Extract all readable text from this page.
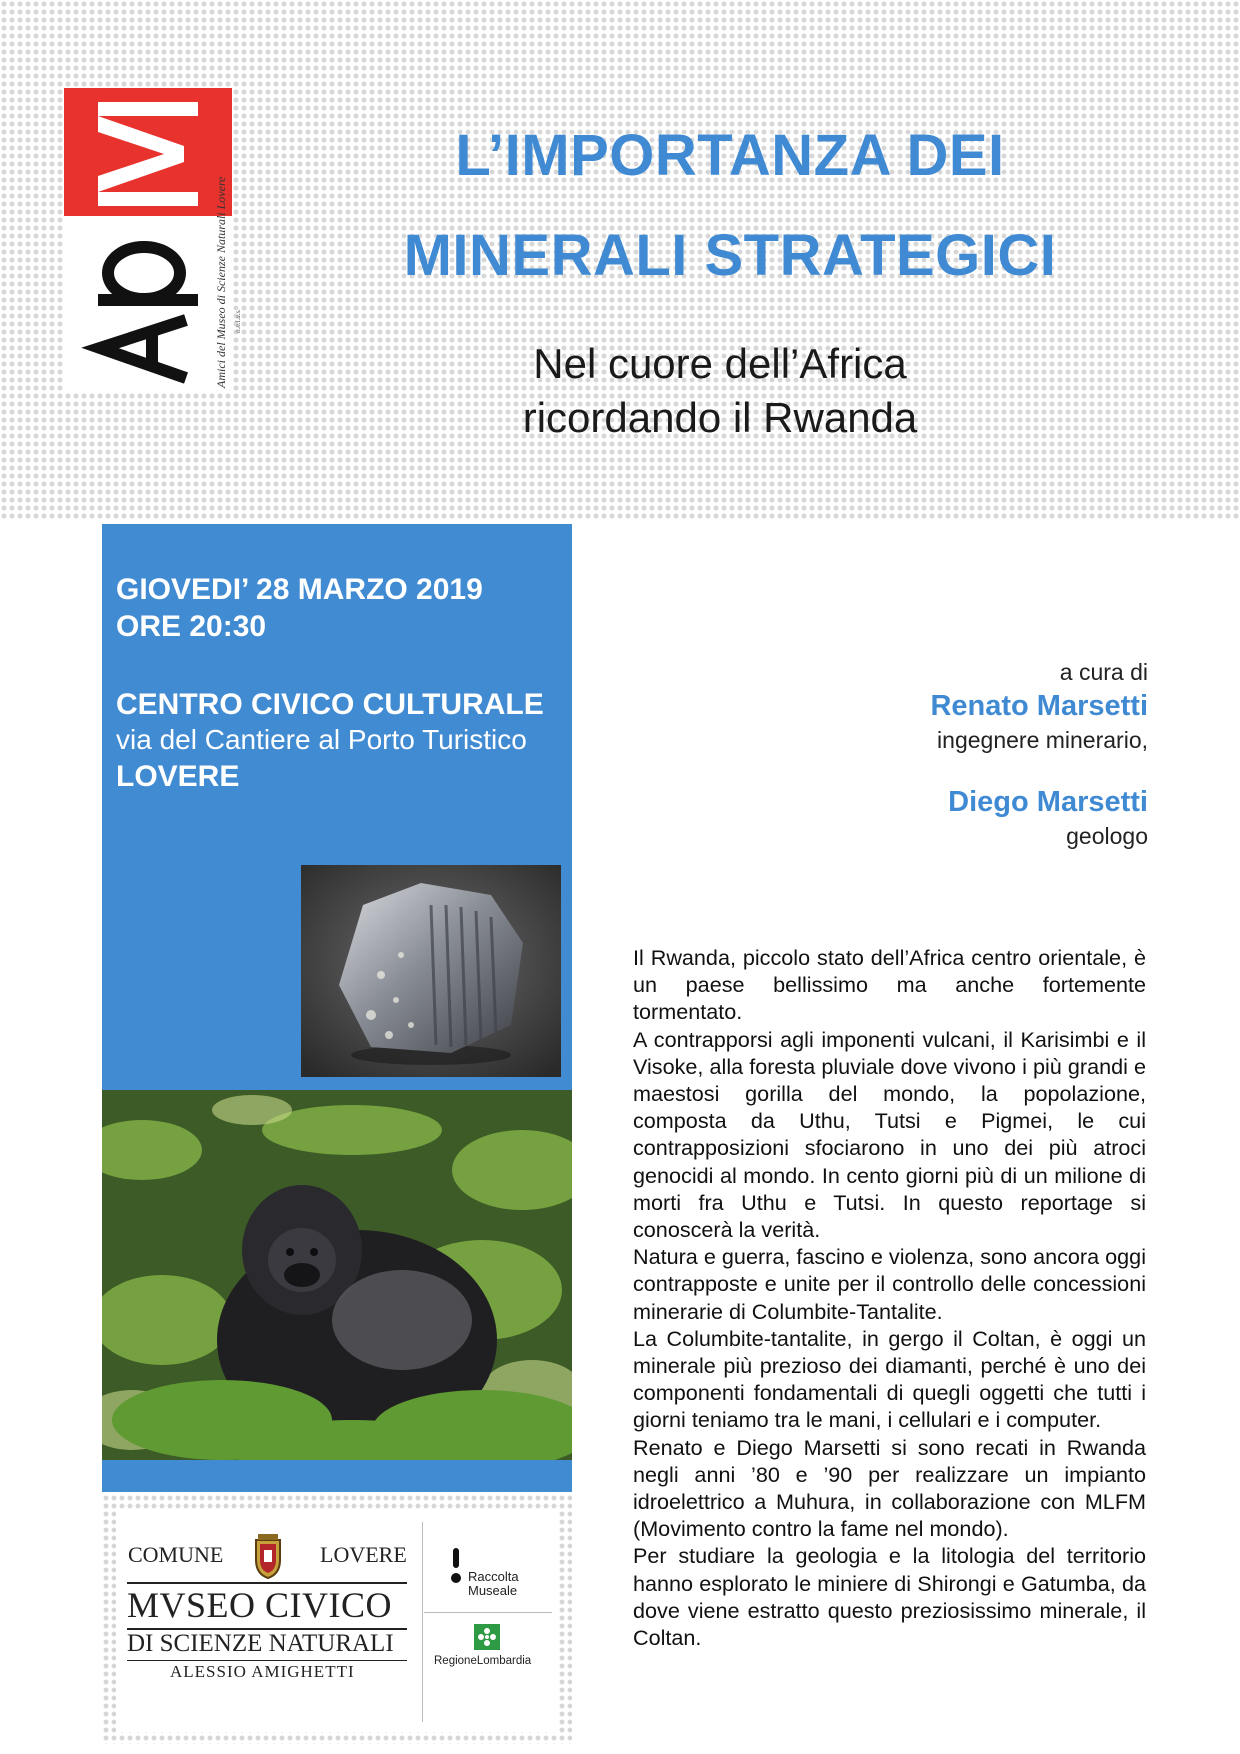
Amici del Museo di Scienze Naturali Lovere o.n.l.u.s.
L’IMPORTANZA DEI
MINERALI STRATEGICI
Nel cuore dell’Africa
ricordando il Rwanda
GIOVEDI’ 28 MARZO 2019
ORE 20:30
CENTRO CIVICO CULTURALE
via del Cantiere al Porto Turistico
LOVERE
a cura di
Renato Marsetti
ingegnere minerario,
Diego Marsetti
geologo

Il Rwanda, piccolo stato dell’Africa centro orientale, è un paese bellissimo ma anche fortemente tormentato.

A contrapporsi agli imponenti vulcani, il Karisimbi e il Visoke, alla foresta pluviale dove vivono i più grandi e maestosi gorilla del mondo, la popolazione, composta da Uthu, Tutsi e Pigmei, le cui contrapposizioni sfociarono in uno dei più atroci genocidi al mondo. In cento giorni più di un milione di morti fra Uthu e Tutsi. In questo reportage si conoscerà la verità.

Natura e guerra, fascino e violenza, sono ancora oggi contrapposte e unite per il controllo delle concessioni minerarie di Columbite-Tantalite.

La Columbite-tantalite, in gergo il Coltan, è oggi un minerale più prezioso dei diamanti, perché è uno dei componenti fondamentali di quegli oggetti che tutti i giorni teniamo tra le mani, i cellulari e i computer.

Renato e Diego Marsetti si sono recati in Rwanda negli anni ’80 e ’90 per realizzare un impianto idroelettrico a Muhura, in collaborazione con MLFM (Movimento contro la fame nel mondo).

Per studiare la geologia e la litologia del territorio hanno esplorato le miniere di Shirongi e Gatumba, da dove viene estratto questo preziosissimo minerale, il Coltan.

COMUNE	LOVERE
MVSEO CIVICO
DI SCIENZE NATURALI
ALESSIO AMIGHETTI
Raccolta
Museale
RegioneLombardia
